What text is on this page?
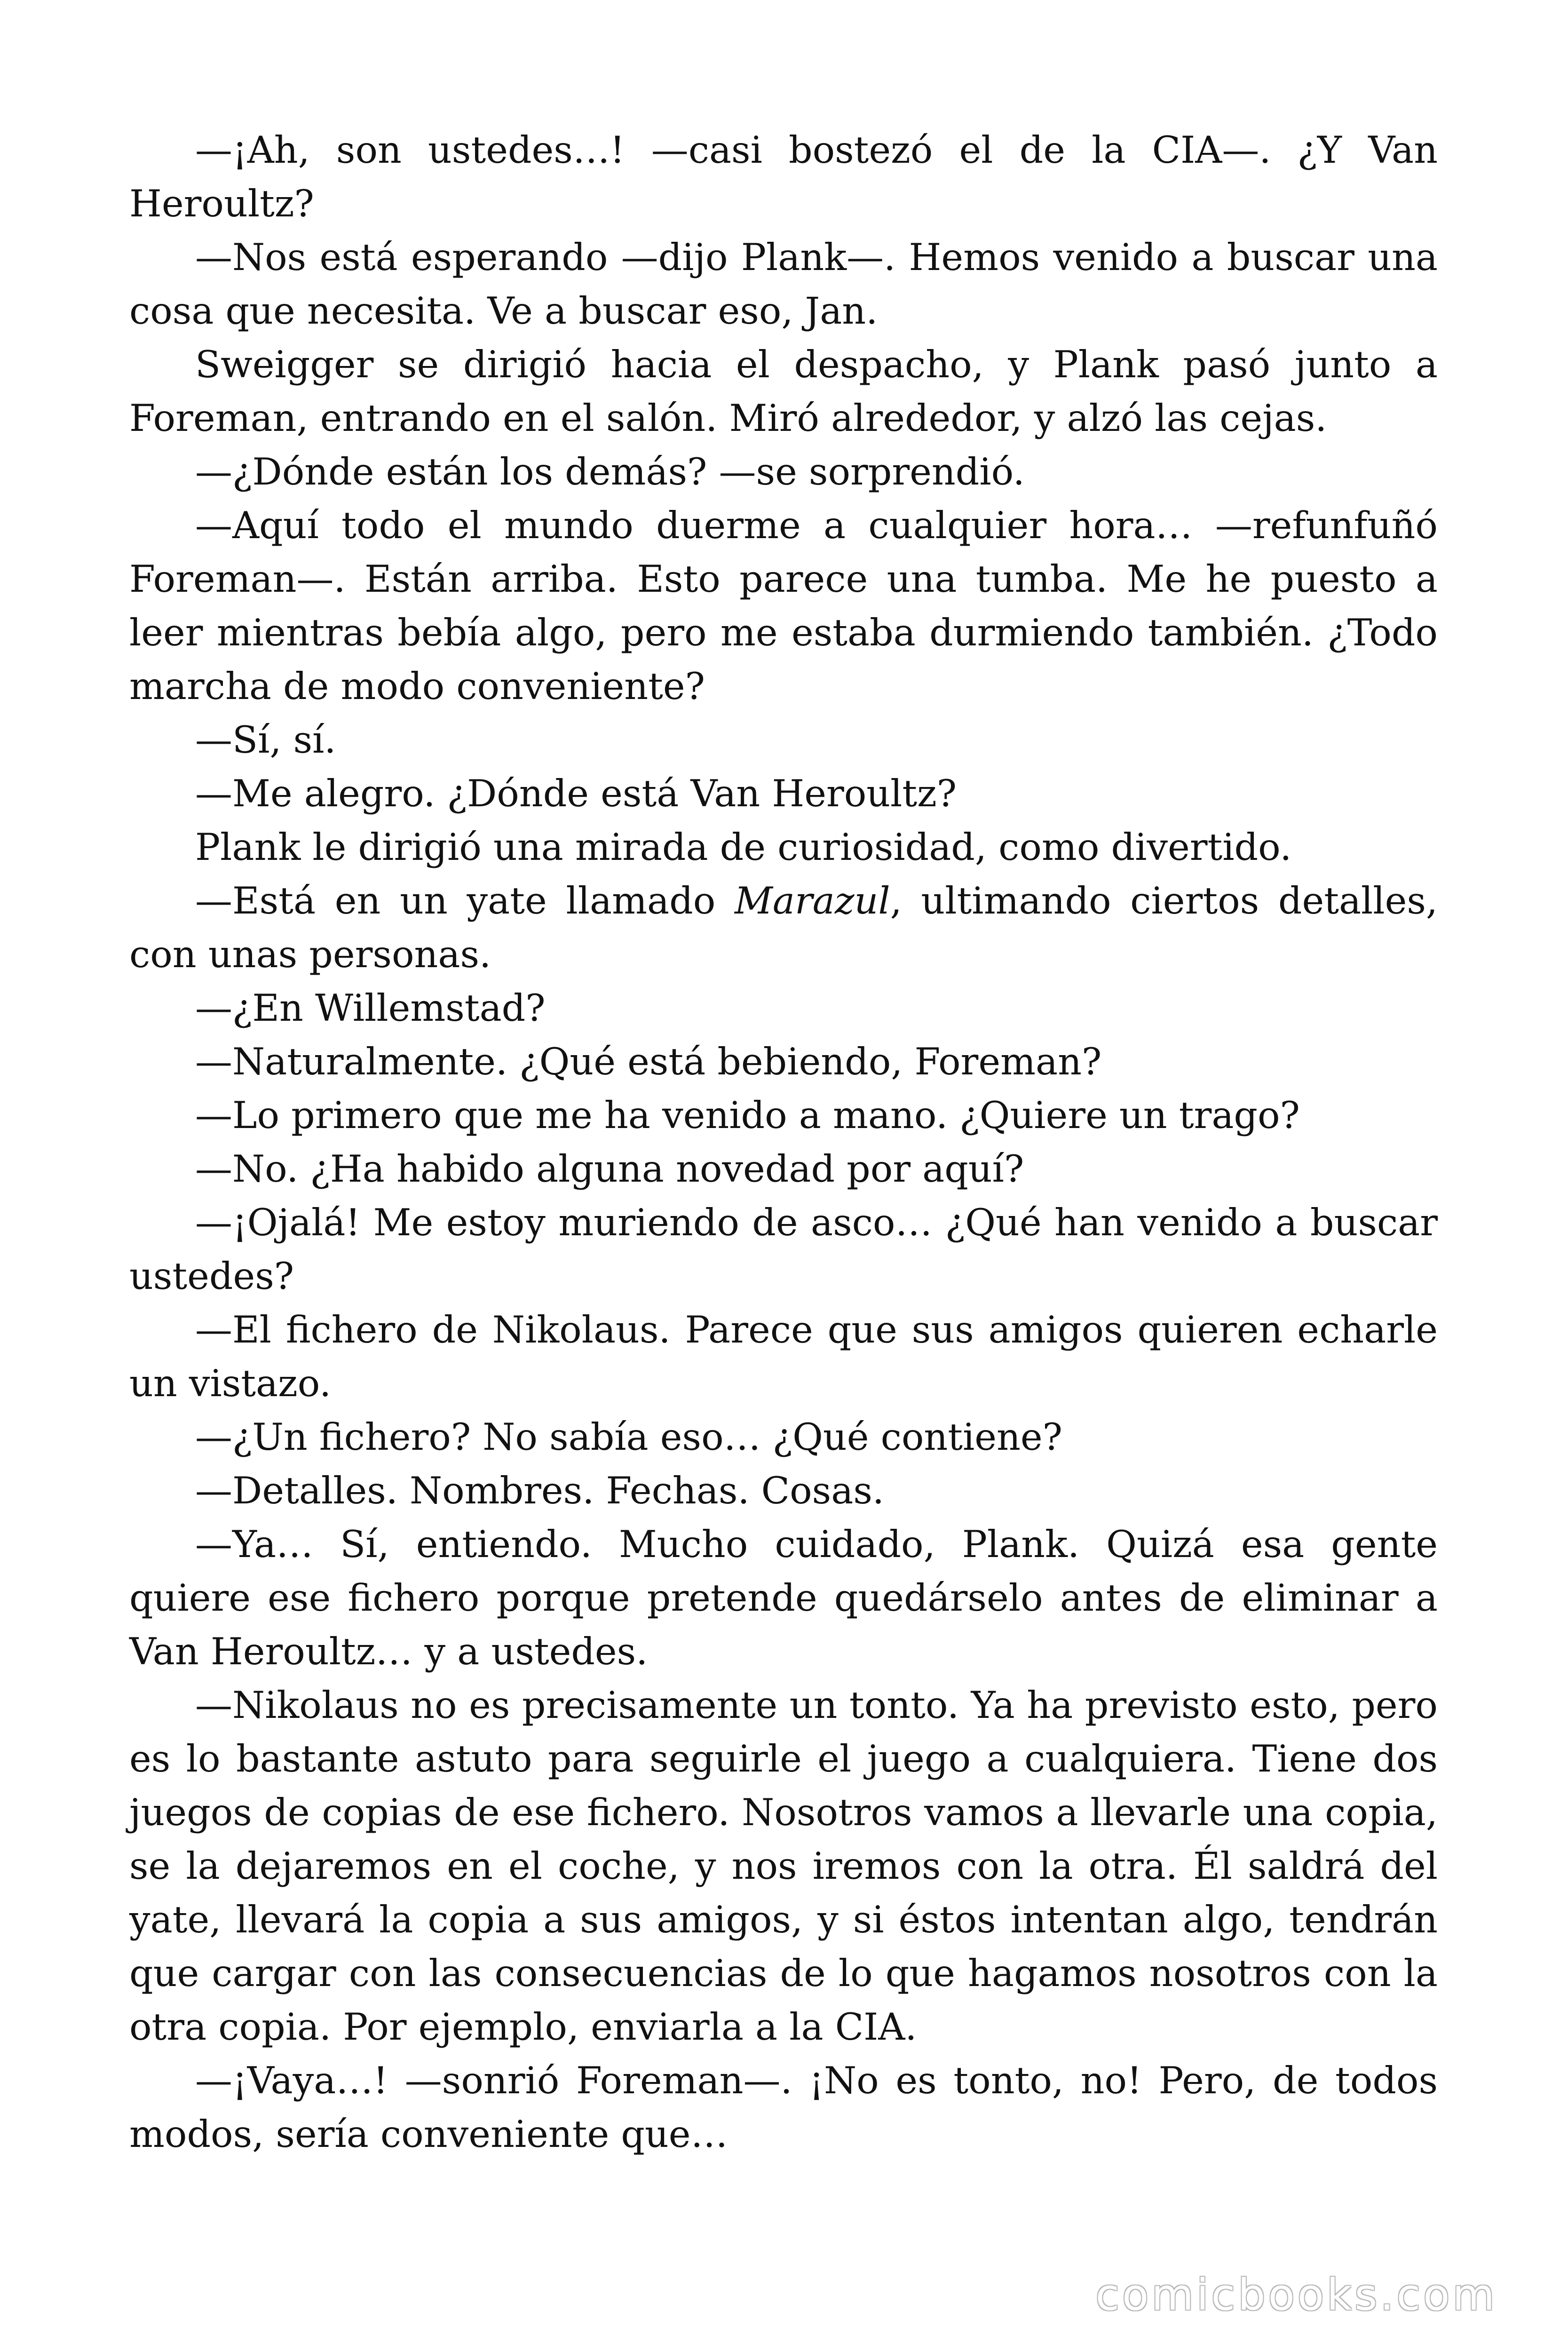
—¡Ah, son ustedes…! —casi bostezó el de la CIA—. ¿Y Van Heroultz?

—Nos está esperando —dijo Plank—. Hemos venido a buscar una cosa que necesita. Ve a buscar eso, Jan.

Sweigger se dirigió hacia el despacho, y Plank pasó junto a Foreman, entrando en el salón. Miró alrededor, y alzó las cejas.

—¿Dónde están los demás? —se sorprendió.

—Aquí todo el mundo duerme a cualquier hora… —refunfuñó Foreman—. Están arriba. Esto parece una tumba. Me he puesto a leer mientras bebía algo, pero me estaba durmiendo también. ¿Todo marcha de modo conveniente?

—Sí, sí.

—Me alegro. ¿Dónde está Van Heroultz?

Plank le dirigió una mirada de curiosidad, como divertido.

—Está en un yate llamado Marazul, ultimando ciertos detalles, con unas personas.

—¿En Willemstad?

—Naturalmente. ¿Qué está bebiendo, Foreman?

—Lo primero que me ha venido a mano. ¿Quiere un trago?

—No. ¿Ha habido alguna novedad por aquí?

—¡Ojalá! Me estoy muriendo de asco… ¿Qué han venido a buscar ustedes?

—El fichero de Nikolaus. Parece que sus amigos quieren echarle un vistazo.

—¿Un fichero? No sabía eso… ¿Qué contiene?

—Detalles. Nombres. Fechas. Cosas.

—Ya… Sí, entiendo. Mucho cuidado, Plank. Quizá esa gente quiere ese fichero porque pretende quedárselo antes de eliminar a Van Heroultz… y a ustedes.

—Nikolaus no es precisamente un tonto. Ya ha previsto esto, pero es lo bastante astuto para seguirle el juego a cualquiera. Tiene dos juegos de copias de ese fichero. Nosotros vamos a llevarle una copia, se la dejaremos en el coche, y nos iremos con la otra. Él saldrá del yate, llevará la copia a sus amigos, y si éstos intentan algo, tendrán que cargar con las consecuencias de lo que hagamos nosotros con la otra copia. Por ejemplo, enviarla a la CIA.

—¡Vaya…! —sonrió Foreman—. ¡No es tonto, no! Pero, de todos modos, sería conveniente que…

comicbooks.com
